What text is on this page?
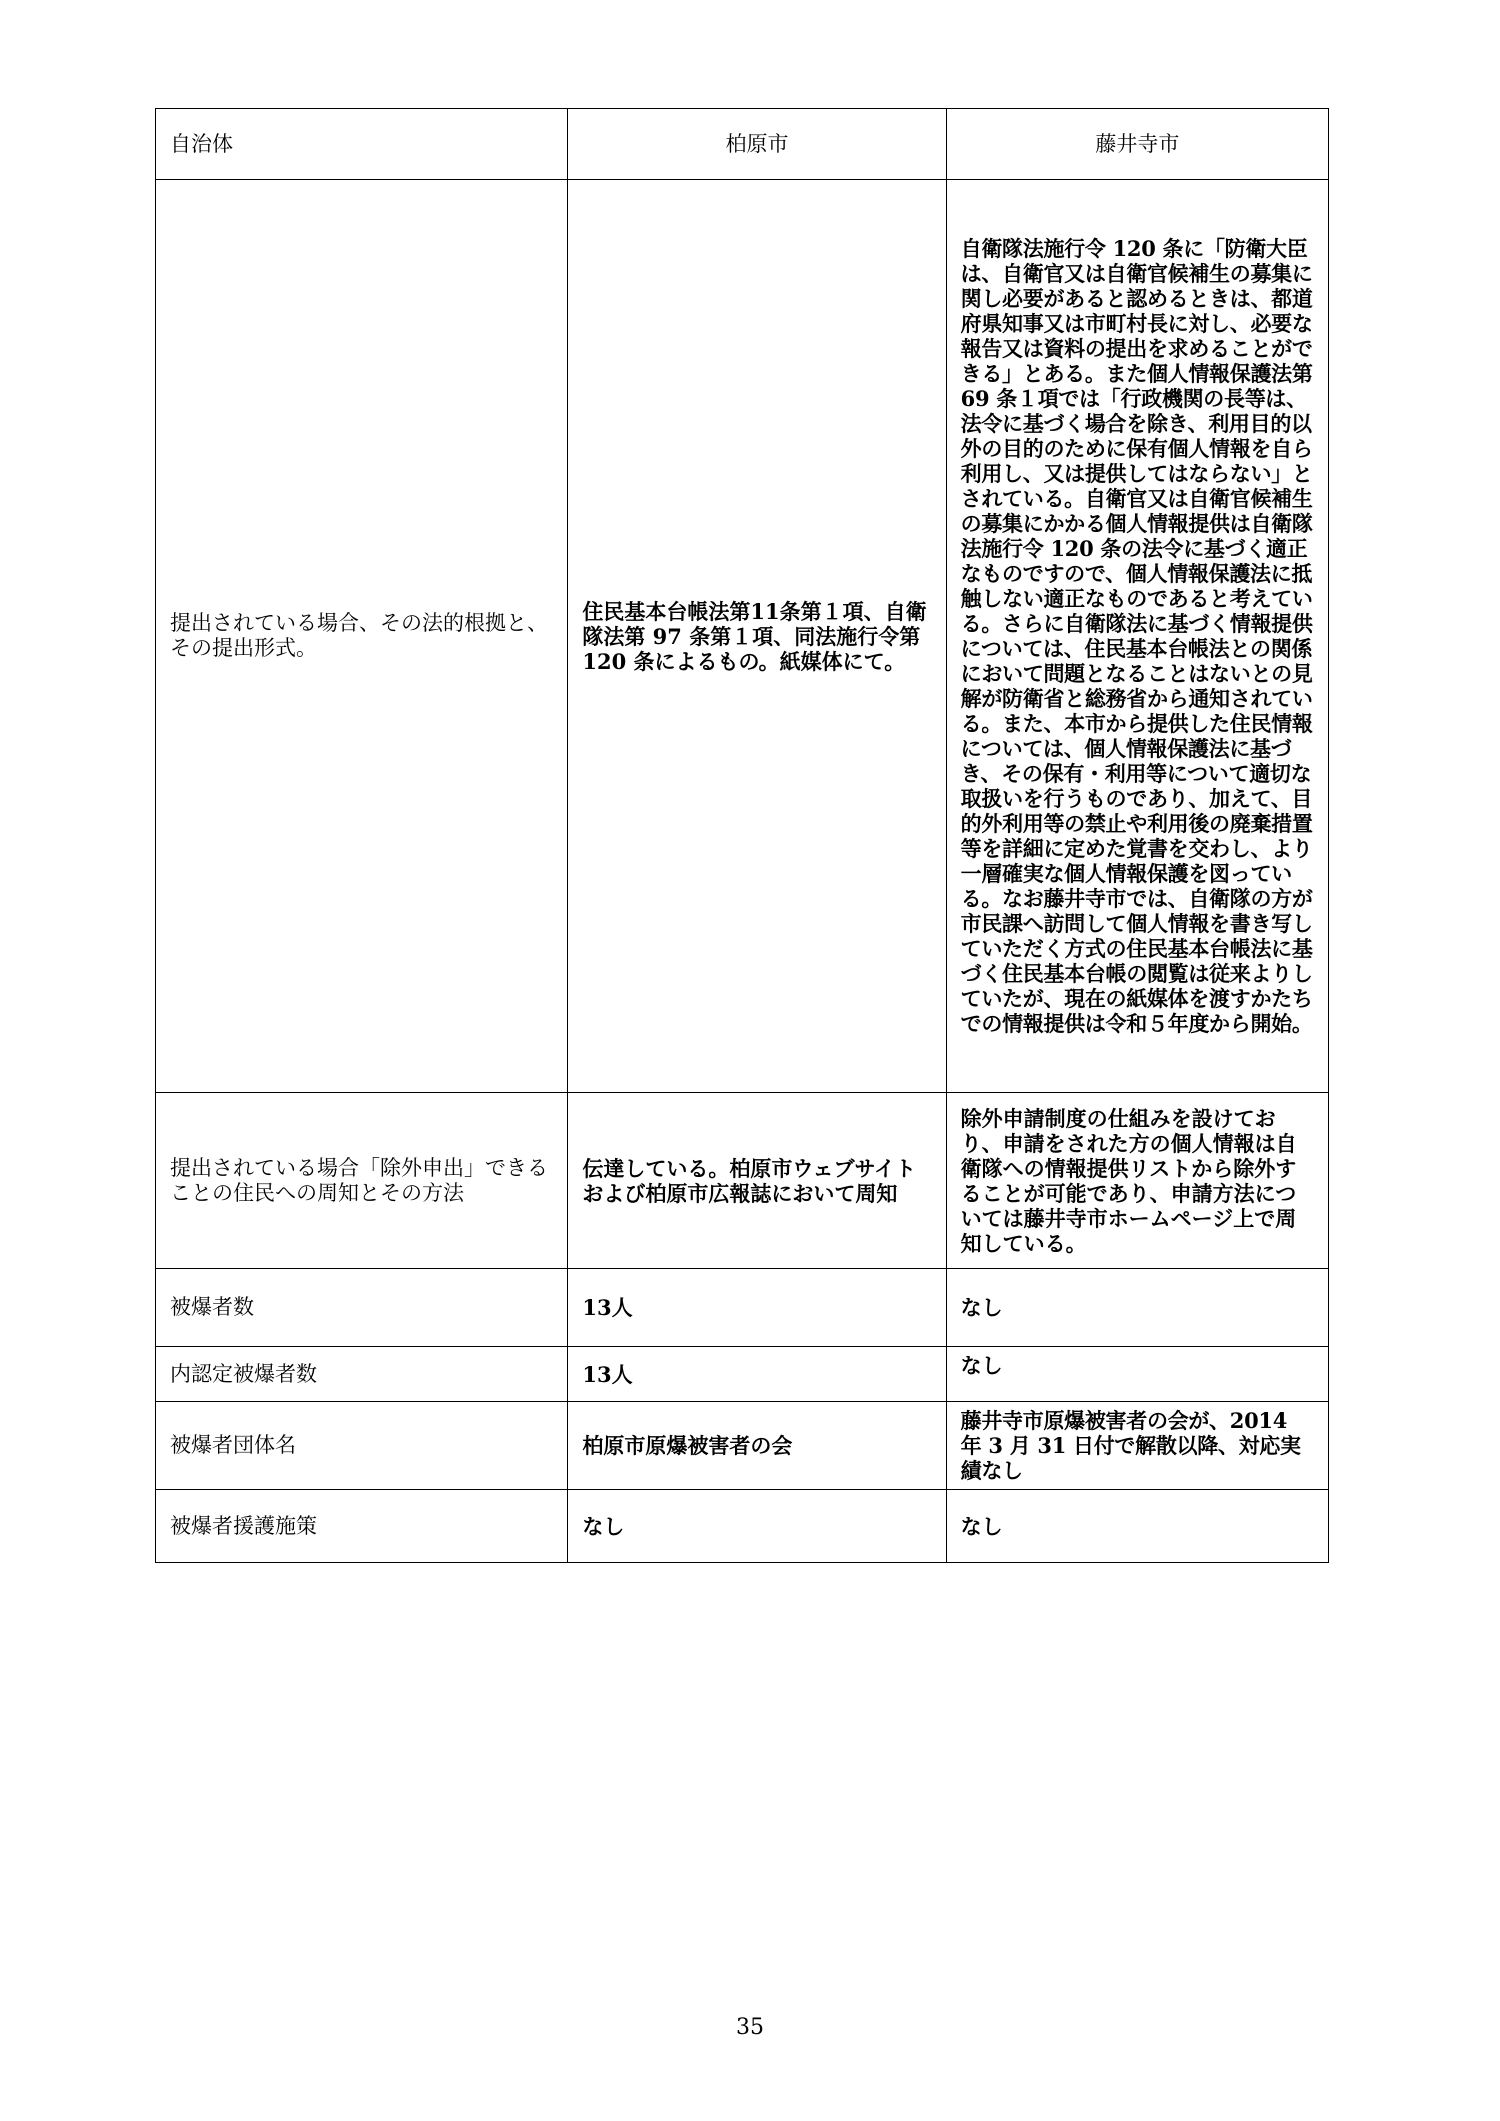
自治体	柏原市	藤井寺市
提出されている場合、その法的根拠と、その提出形式。	住民基本台帳法第11条第１項、自衛隊法第 97 条第１項、同法施行令第 120 条によるもの。紙媒体にて。	自衛隊法施行令 120 条に「防衛大臣は、自衛官又は自衛官候補生の募集に関し必要があると認めるときは、都道府県知事又は市町村長に対し、必要な報告又は資料の提出を求めることができる」とある。また個人情報保護法第 69 条１項では「行政機関の長等は、法令に基づく場合を除き、利用目的以外の目的のために保有個人情報を自ら利用し、又は提供してはならない」とされている。自衛官又は自衛官候補生の募集にかかる個人情報提供は自衛隊法施行令 120 条の法令に基づく適正なものですので、個人情報保護法に抵触しない適正なものであると考えている。さらに自衛隊法に基づく情報提供については、住民基本台帳法との関係において問題となることはないとの見解が防衛省と総務省から通知されている。また、本市から提供した住民情報については、個人情報保護法に基づき、その保有・利用等について適切な取扱いを行うものであり、加えて、目的外利用等の禁止や利用後の廃棄措置等を詳細に定めた覚書を交わし、より一層確実な個人情報保護を図っている。なお藤井寺市では、自衛隊の方が市民課へ訪問して個人情報を書き写していただく方式の住民基本台帳法に基づく住民基本台帳の閲覧は従来よりしていたが、現在の紙媒体を渡すかたちでの情報提供は令和５年度から開始。
提出されている場合「除外申出」できることの住民への周知とその方法	伝達している。柏原市ウェブサイトおよび柏原市広報誌において周知	除外申請制度の仕組みを設けており、申請をされた方の個人情報は自衛隊への情報提供リストから除外することが可能であり、申請方法については藤井寺市ホームページ上で周知している。
被爆者数	13人	なし
内認定被爆者数	13人	なし
被爆者団体名	柏原市原爆被害者の会	藤井寺市原爆被害者の会が、2014 年 3 月 31 日付で解散以降、対応実績なし
被爆者援護施策	なし	なし
35
